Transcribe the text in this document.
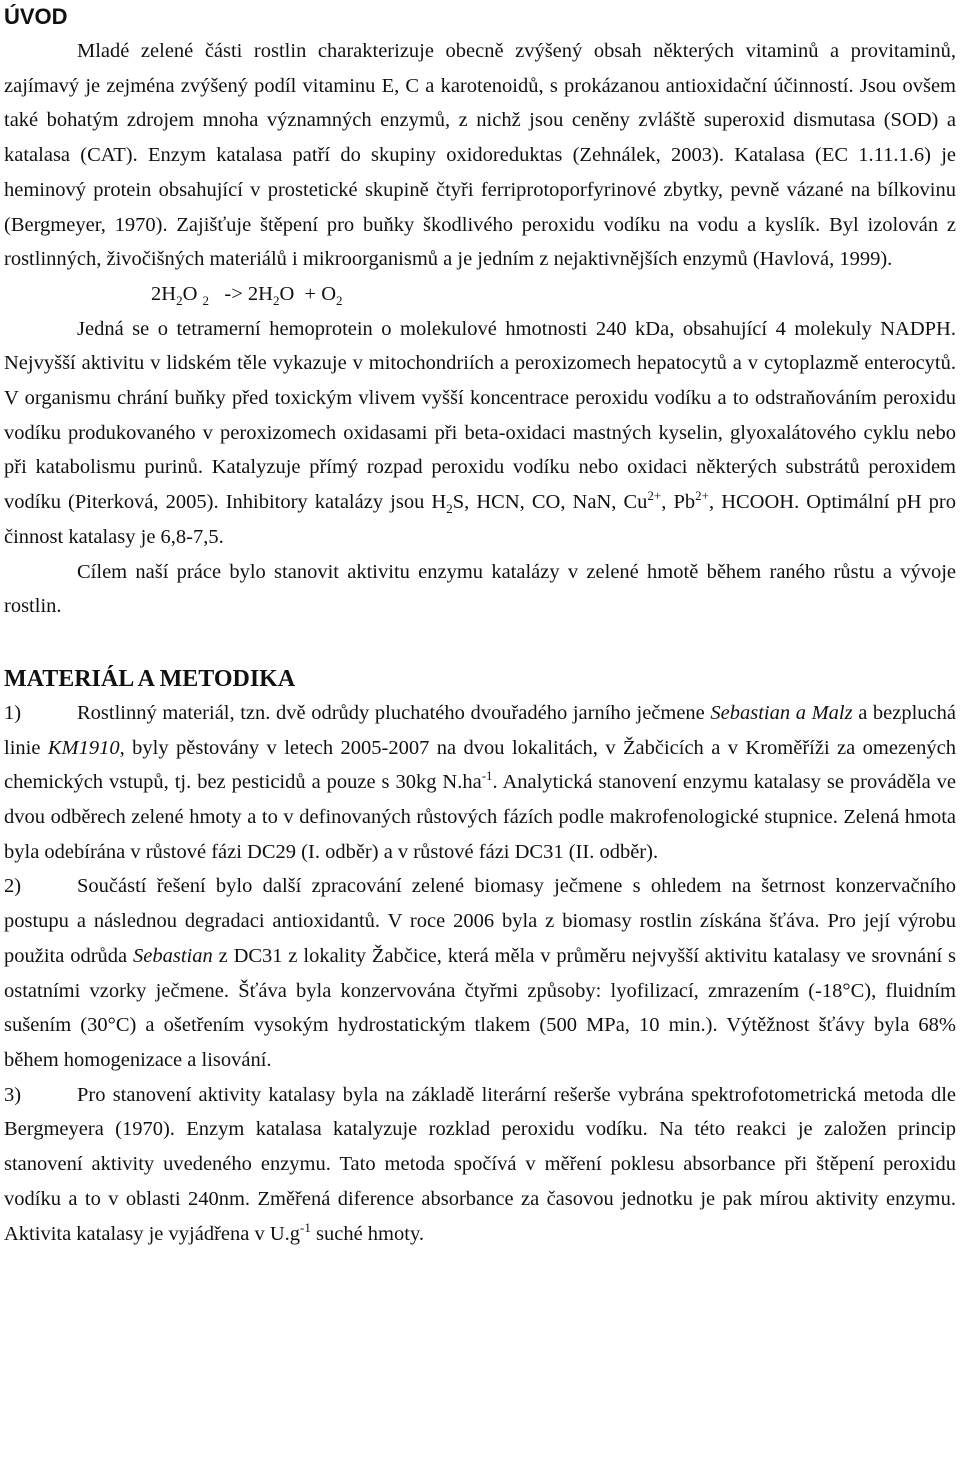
ÚVOD

Mladé zelené části rostlin charakterizuje obecně zvýšený obsah některých vitaminů a provitaminů, zajímavý je zejména zvýšený podíl vitaminu E, C a karotenoidů, s prokázanou antioxidační účinností. Jsou ovšem také bohatým zdrojem mnoha významných enzymů, z nichž jsou ceněny zvláště superoxid dismutasa (SOD) a katalasa (CAT). Enzym katalasa patří do skupiny oxidoreduktas (Zehnálek, 2003). Katalasa (EC 1.11.1.6) je heminový protein obsahující v prostetické skupině čtyři ferriprotoporfyrinové zbytky, pevně vázané na bílkovinu (Bergmeyer, 1970). Zajišťuje štěpení pro buňky škodlivého peroxidu vodíku na vodu a kyslík. Byl izolován z rostlinných, živočišných materiálů i mikroorganismů a je jedním z nejaktivnějších enzymů (Havlová, 1999).

$2H_2O$ $_2 -> 2H_2O + O_2$

Jedná se o tetramerní hemoprotein o molekulové hmotnosti 240 kDa, obsahující 4 molekuly NADPH. Nejvyšší aktivitu v lidském těle vykazuje v mitochondriích a peroxizomech hepatocytů a v cytoplazmě enterocytů. V organismu chrání buňky před toxickým vlivem vyšší koncentrace peroxidu vodíku a to odstraňováním peroxidu vodíku produkovaného v peroxizomech oxidasami při beta-oxidaci mastných kyselin, glyoxalátového cyklu nebo při katabolismu purinů. Katalyzuje přímý rozpad peroxidu vodíku nebo oxidaci některých substrátů peroxidem vodíku (Piterková, 2005). Inhibitory katalázy jsou $H_2S$, HCN, CO, NaN, $Cu^{2+}$, $Pb^{2+}$, HCOOH. Optimální pH pro činnost katalasy je 6,8-7,5.

Cílem naší práce bylo stanovit aktivitu enzymu katalázy v zelené hmotě během raného růstu a vývoje rostlin.

MATERIÁL A METODIKA

1)	Rostlinný materiál, tzn. dvě odrůdy pluchatého dvouřadého jarního ječmene Sebastian a Malz a bezpluchá linie KM1910, byly pěstovány v letech 2005-2007 na dvou lokalitách, v Žabčicích a v Kroměříži za omezených chemických vstupů, tj. bez pesticidů a pouze s 30kg $N.ha^{-1}$. Analytická stanovení enzymu katalasy se prováděla ve dvou odběrech zelené hmoty a to v definovaných růstových fázích podle makrofenologické stupnice. Zelená hmota byla odebírána v růstové fázi DC29 (I. odběr) a v růstové fázi DC31 (II. odběr).

2)	Součástí řešení bylo další zpracování zelené biomasy ječmene s ohledem na šetrnost konzervačního postupu a následnou degradaci antioxidantů. V roce 2006 byla z biomasy rostlin získána šťáva. Pro její výrobu použita odrůda Sebastian z DC31 z lokality Žabčice, která měla v průměru nejvyšší aktivitu katalasy ve srovnání s ostatními vzorky ječmene. Šťáva byla konzervována čtyřmi způsoby: lyofilizací, zmrazením (-18°C), fluidním sušením (30°C) a ošetřením vysokým hydrostatickým tlakem (500 MPa, 10 min.). Výtěžnost šťávy byla 68% během homogenizace a lisování.

3)	Pro stanovení aktivity katalasy byla na základě literární rešerše vybrána spektrofotometrická metoda dle Bergmeyera (1970). Enzym katalasa katalyzuje rozklad peroxidu vodíku. Na této reakci je založen princip stanovení aktivity uvedeného enzymu. Tato metoda spočívá v měření poklesu absorbance při štěpení peroxidu vodíku a to v oblasti 240nm. Změřená diference absorbance za časovou jednotku je pak mírou aktivity enzymu. Aktivita katalasy je vyjádřena v $U.g^{-1}$ suché hmoty.
